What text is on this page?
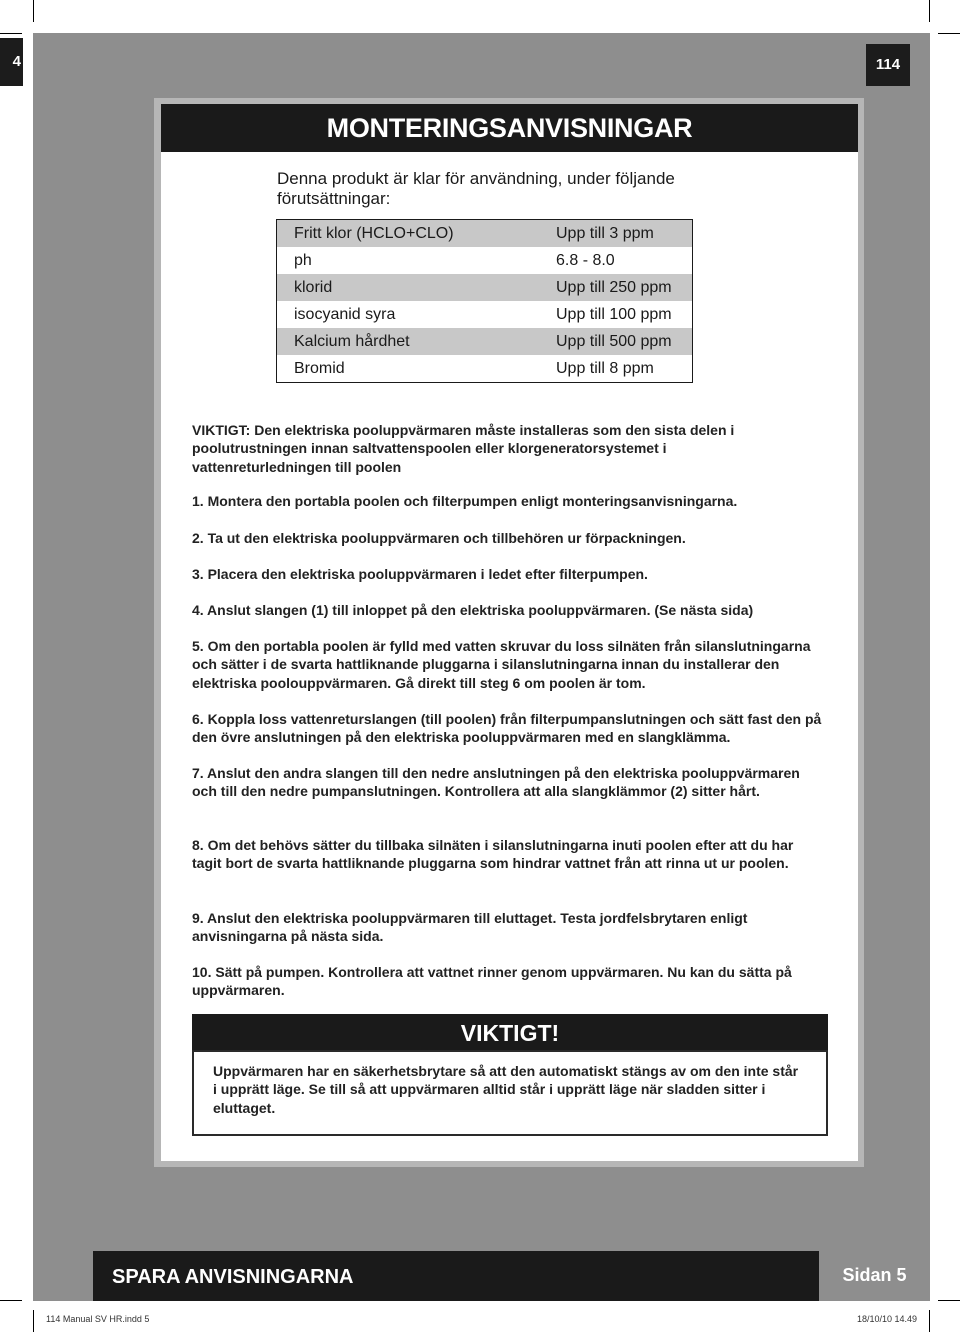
4	114
MONTERINGSANVISNINGAR
Denna produkt är klar för användning, under följande förutsättningar:
Fritt klor (HCLO+CLO)	Upp till 3 ppm
ph	6.8 - 8.0
klorid	Upp till 250 ppm
isocyanid syra	Upp till 100 ppm
Kalcium hårdhet	Upp till 500 ppm
Bromid	Upp till 8 ppm
VIKTIGT: Den elektriska pooluppvärmaren måste installeras som den sista delen i poolutrustningen innan saltvattenspoolen eller klorgeneratorsystemet i vattenreturledningen till poolen
1. Montera den portabla poolen och filterpumpen enligt monteringsanvisningarna.
2. Ta ut den elektriska pooluppvärmaren och tillbehören ur förpackningen.
3. Placera den elektriska pooluppvärmaren i ledet efter filterpumpen.
4. Anslut slangen (1) till inloppet på den elektriska pooluppvärmaren. (Se nästa sida)
5. Om den portabla poolen är fylld med vatten skruvar du loss silnäten från silanslutningarna och sätter i de svarta hattliknande pluggarna i silanslutningarna innan du installerar den elektriska poolouppvärmaren. Gå direkt till steg 6 om poolen är tom.
6. Koppla loss vattenreturslangen (till poolen) från filterpumpanslutningen och sätt fast den på den övre anslutningen på den elektriska pooluppvärmaren med en slangklämma.
7. Anslut den andra slangen till den nedre anslutningen på den elektriska pooluppvärmaren och till den nedre pumpanslutningen. Kontrollera att alla slangklämmor (2) sitter hårt.
8. Om det behövs sätter du tillbaka silnäten i silanslutningarna inuti poolen efter att du har tagit bort de svarta hattliknande pluggarna som hindrar vattnet från att rinna ut ur poolen.
9. Anslut den elektriska pooluppvärmaren till eluttaget. Testa jordfelsbrytaren enligt anvisningarna på nästa sida.
10. Sätt på pumpen. Kontrollera att vattnet rinner genom uppvärmaren. Nu kan du sätta på uppvärmaren.
VIKTIGT!
Uppvärmaren har en säkerhetsbrytare så att den automatiskt stängs av om den inte står i upprätt läge. Se till så att uppvärmaren alltid står i upprätt läge när sladden sitter i eluttaget.
SPARA ANVISNINGARNA	Sidan 5
114 Manual SV HR.indd 5	18/10/10 14.49
